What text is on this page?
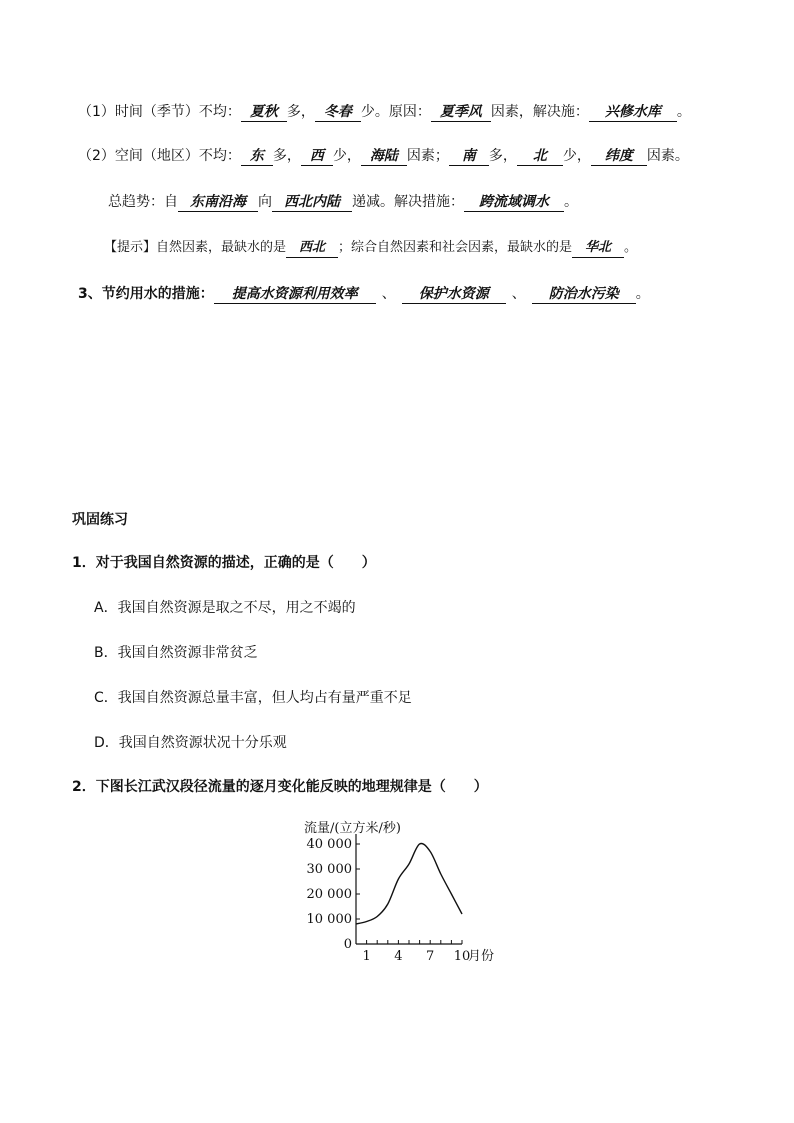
（1）时间（季节）不均： 夏秋 多， 冬春 少。原因： 夏季风 因素，解决施： 兴修水库 。
（2）空间（地区）不均： 东 多， 西 少， 海陆 因素； 南 多， 北 少， 纬度 因素。
总趋势：自 东南沿海 向 西北内陆 递减。解决措施： 跨流域调水 。
【提示】自然因素，最缺水的是 西北 ；综合自然因素和社会因素，最缺水的是 华北 。
3、节约用水的措施： 提高水资源利用效率 、 保护水资源 、 防治水污染 。
巩固练习
1．对于我国自然资源的描述，正确的是（　　）
A．我国自然资源是取之不尽，用之不竭的
B．我国自然资源非常贫乏
C．我国自然资源总量丰富，但人均占有量严重不足
D．我国自然资源状况十分乐观
2．下图长江武汉段径流量的逐月变化能反映的地理规律是（　　）
流量/(立方米/秒)
0
10 000
20 000
30 000
40 000
1 4 7 10
月份
